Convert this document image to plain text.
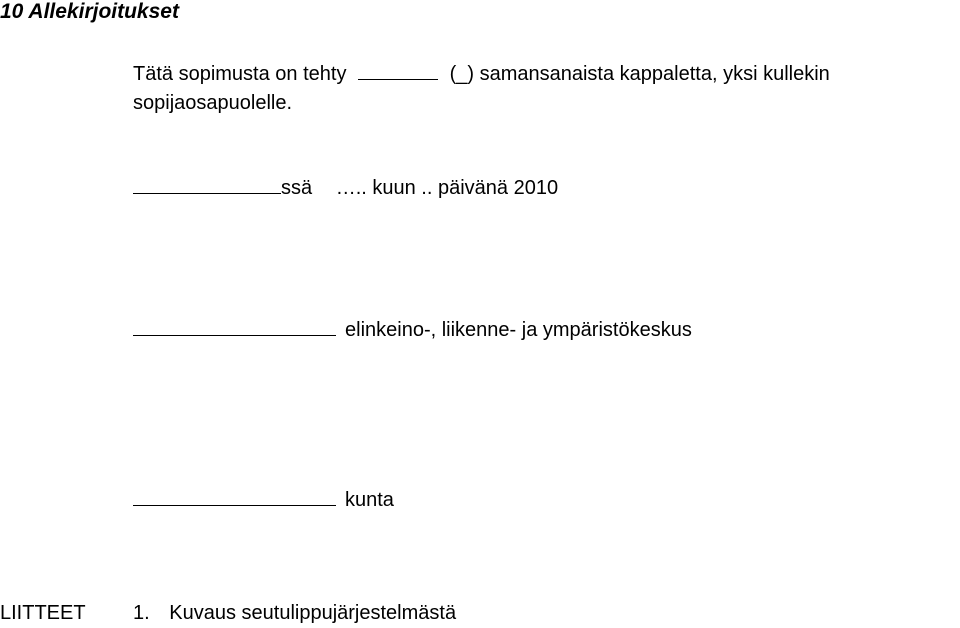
10 Allekirjoitukset
Tätä sopimusta on tehty	(_) samansanaista kappaletta, yksi kullekin
sopijaosapuolelle.
ssä ….. kuun .. päivänä 2010
elinkeino-, liikenne- ja ympäristökeskus
kunta
LIITTEET 1. Kuvaus seutulippujärjestelmästä
